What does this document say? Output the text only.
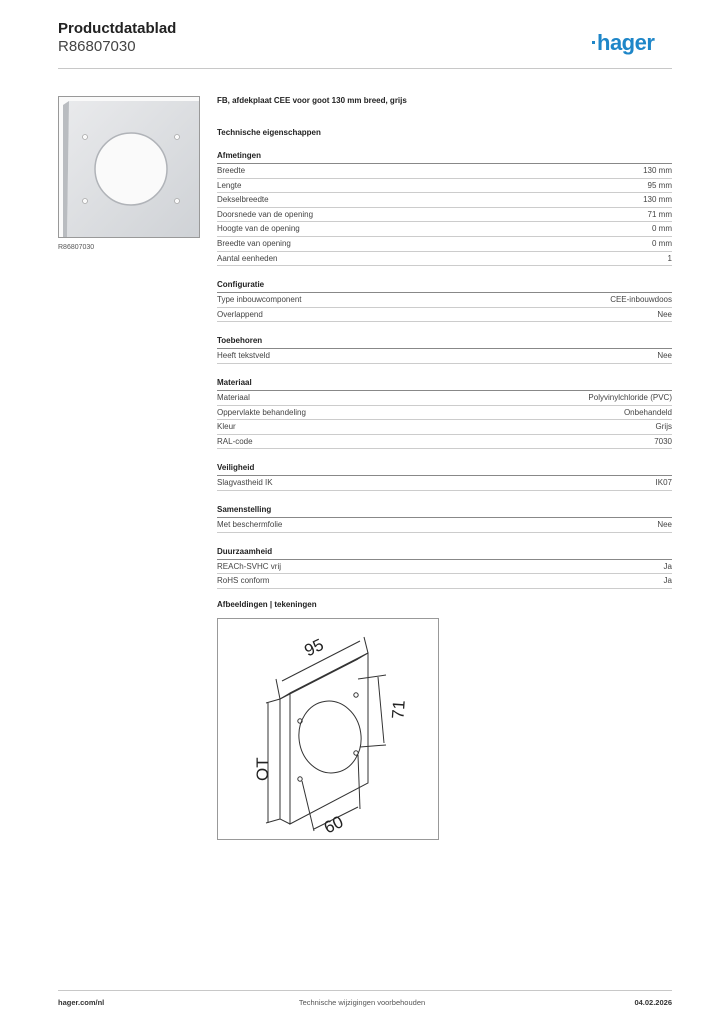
Productdatablad
R86807030	hager
R86807030
FB, afdekplaat CEE voor goot 130 mm breed, grijs
Technische eigenschappen
Afmetingen
Breedte	130 mm
Lengte	95 mm
Dekselbreedte	130 mm
Doorsnede van de opening	71 mm
Hoogte van de opening	0 mm
Breedte van opening	0 mm
Aantal eenheden	1
Configuratie
Type inbouwcomponent	CEE-inbouwdoos
Overlappend	Nee
Toebehoren
Heeft tekstveld	Nee
Materiaal
Materiaal	Polyvinylchloride (PVC)
Oppervlakte behandeling	Onbehandeld
Kleur	Grijs
RAL-code	7030
Veiligheid
Slagvastheid IK	IK07
Samenstelling
Met beschermfolie	Nee
Duurzaamheid
REACh-SVHC vrij	Ja
RoHS conform	Ja
Afbeeldingen | tekeningen
95
71
OT
60
hager.com/nl	Technische wijzigingen voorbehouden	04.02.2026
